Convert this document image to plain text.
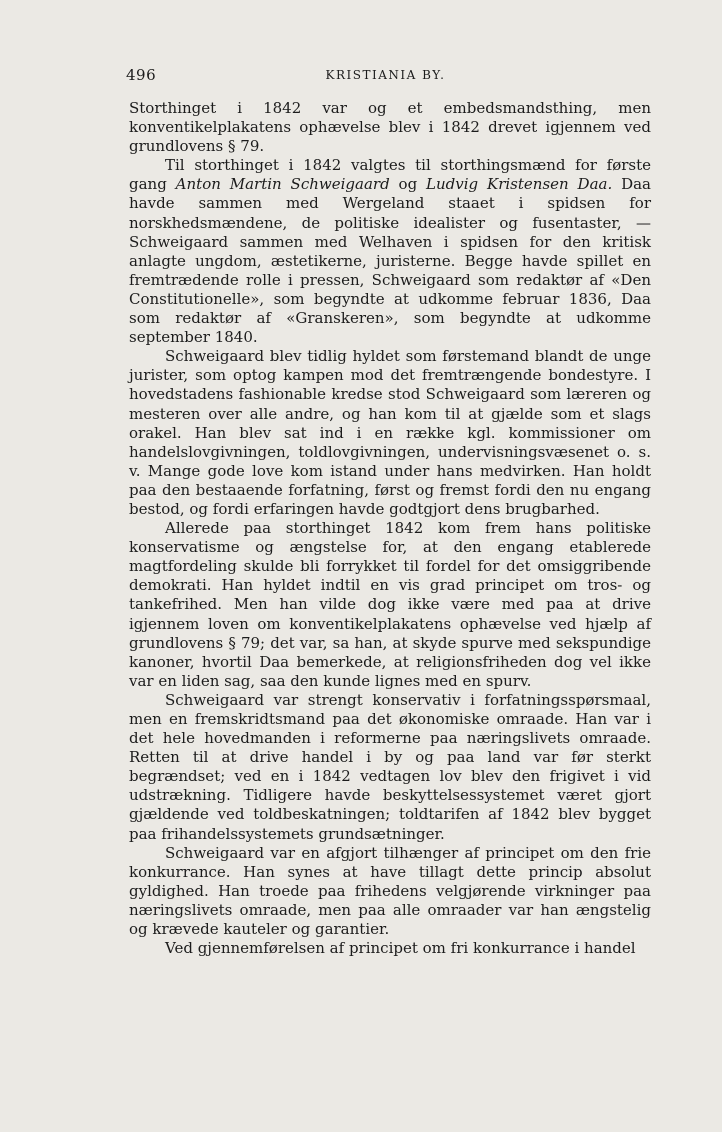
496	KRISTIANIA BY.

Storthinget i 1842 var og et embedsmandsthing, men konventikelplakatens ophævelse blev i 1842 drevet igjennem ved grundlovens § 79.

Til storthinget i 1842 valgtes til storthingsmænd for første gang Anton Martin Schweigaard og Ludvig Kristensen Daa. Daa havde sammen med Wergeland staaet i spidsen for norskhedsmændene, de politiske idealister og fusentaster, — Schweigaard sammen med Welhaven i spidsen for den kritisk anlagte ungdom, æstetikerne, juristerne. Begge havde spillet en fremtrædende rolle i pressen, Schweigaard som redaktør af «Den Constitutionelle», som begyndte at udkomme februar 1836, Daa som redaktør af «Granskeren», som begyndte at udkomme september 1840.

Schweigaard blev tidlig hyldet som førstemand blandt de unge jurister, som optog kampen mod det fremtrængende bondestyre. I hovedstadens fashionable kredse stod Schweigaard som læreren og mesteren over alle andre, og han kom til at gjælde som et slags orakel. Han blev sat ind i en række kgl. kommissioner om handelslovgivningen, toldlovgivningen, undervisningsvæsenet o. s. v. Mange gode love kom istand under hans medvirken. Han holdt paa den bestaaende forfatning, først og fremst fordi den nu engang bestod, og fordi erfaringen havde godtgjort dens brugbarhed.

Allerede paa storthinget 1842 kom frem hans politiske konservatisme og ængstelse for, at den engang etablerede magtfordeling skulde bli forrykket til fordel for det omsiggribende demokrati. Han hyldet indtil en vis grad principet om tros- og tankefrihed. Men han vilde dog ikke være med paa at drive igjennem loven om konventikelplakatens ophævelse ved hjælp af grundlovens § 79; det var, sa han, at skyde spurve med sekspundige kanoner, hvortil Daa bemerkede, at religionsfriheden dog vel ikke var en liden sag, saa den kunde lignes med en spurv.

Schweigaard var strengt konservativ i forfatningsspørsmaal, men en fremskridtsmand paa det økonomiske omraade. Han var i det hele hovedmanden i reformerne paa næringslivets omraade. Retten til at drive handel i by og paa land var før sterkt begrændset; ved en i 1842 vedtagen lov blev den frigivet i vid udstrækning. Tidligere havde beskyttelsessystemet været gjort gjældende ved toldbeskatningen; toldtarifen af 1842 blev bygget paa frihandelssystemets grundsætninger.

Schweigaard var en afgjort tilhænger af principet om den frie konkurrance. Han synes at have tillagt dette princip absolut gyldighed. Han troede paa frihedens velgjørende virkninger paa næringslivets omraade, men paa alle omraader var han ængstelig og krævede kauteler og garantier.

Ved gjennemførelsen af principet om fri konkurrance i handel
